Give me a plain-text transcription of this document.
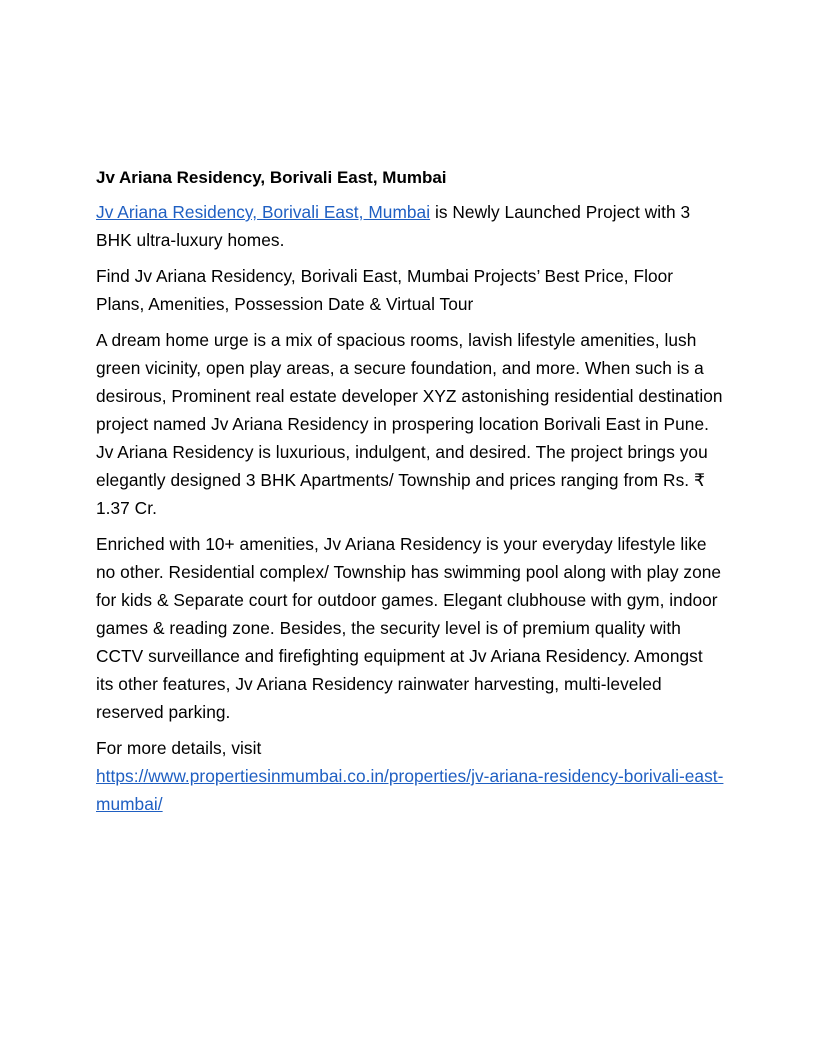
Jv Ariana Residency, Borivali East, Mumbai

Jv Ariana Residency, Borivali East, Mumbai is Newly Launched Project with 3 BHK ultra-luxury homes.

Find Jv Ariana Residency, Borivali East, Mumbai Projects’ Best Price, Floor Plans, Amenities, Possession Date & Virtual Tour

A dream home urge is a mix of spacious rooms, lavish lifestyle amenities, lush green vicinity, open play areas, a secure foundation, and more. When such is a desirous, Prominent real estate developer XYZ astonishing residential destination project named Jv Ariana Residency in prospering location Borivali East in Pune. Jv Ariana Residency is luxurious, indulgent, and desired. The project brings you elegantly designed 3 BHK Apartments/ Township and prices ranging from Rs. ₹ 1.37 Cr.

Enriched with 10+ amenities, Jv Ariana Residency is your everyday lifestyle like no other. Residential complex/ Township has swimming pool along with play zone for kids & Separate court for outdoor games. Elegant clubhouse with gym, indoor games & reading zone. Besides, the security level is of premium quality with CCTV surveillance and firefighting equipment at Jv Ariana Residency. Amongst its other features, Jv Ariana Residency rainwater harvesting, multi-leveled reserved parking.

For more details, visit
https://www.propertiesinmumbai.co.in/properties/jv-ariana-residency-borivali-east-mumbai/
